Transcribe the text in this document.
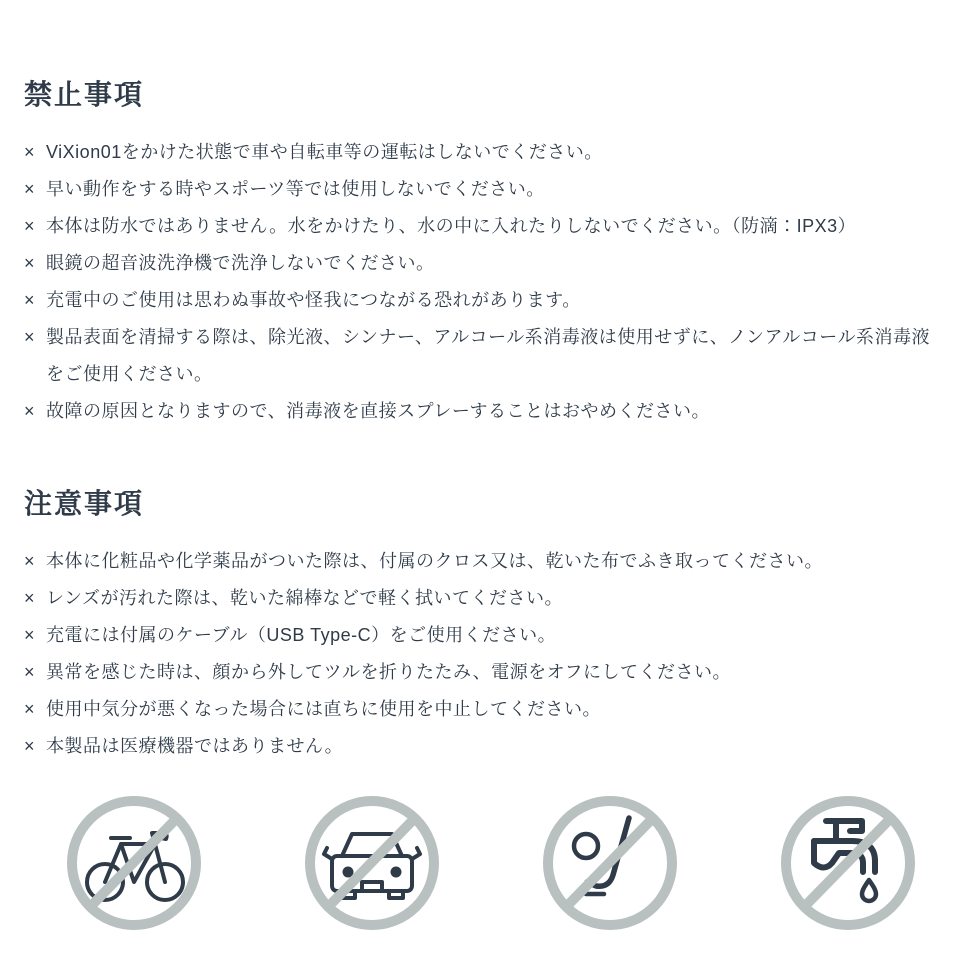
禁止事項
× ViXion01をかけた状態で車や自転車等の運転はしないでください。
× 早い動作をする時やスポーツ等では使用しないでください。
× 本体は防水ではありません。水をかけたり、水の中に入れたりしないでください。（防滴：IPX3）
× 眼鏡の超音波洗浄機で洗浄しないでください。
× 充電中のご使用は思わぬ事故や怪我につながる恐れがあります。
× 製品表面を清掃する際は、除光液、シンナー、アルコール系消毒液は使用せずに、ノンアルコール系消毒液をご使用ください。
× 故障の原因となりますので、消毒液を直接スプレーすることはおやめください。
注意事項
× 本体に化粧品や化学薬品がついた際は、付属のクロス又は、乾いた布でふき取ってください。
× レンズが汚れた際は、乾いた綿棒などで軽く拭いてください。
× 充電には付属のケーブル（USB Type-C）をご使用ください。
× 異常を感じた時は、顔から外してツルを折りたたみ、電源をオフにしてください。
× 使用中気分が悪くなった場合には直ちに使用を中止してください。
× 本製品は医療機器ではありません。
